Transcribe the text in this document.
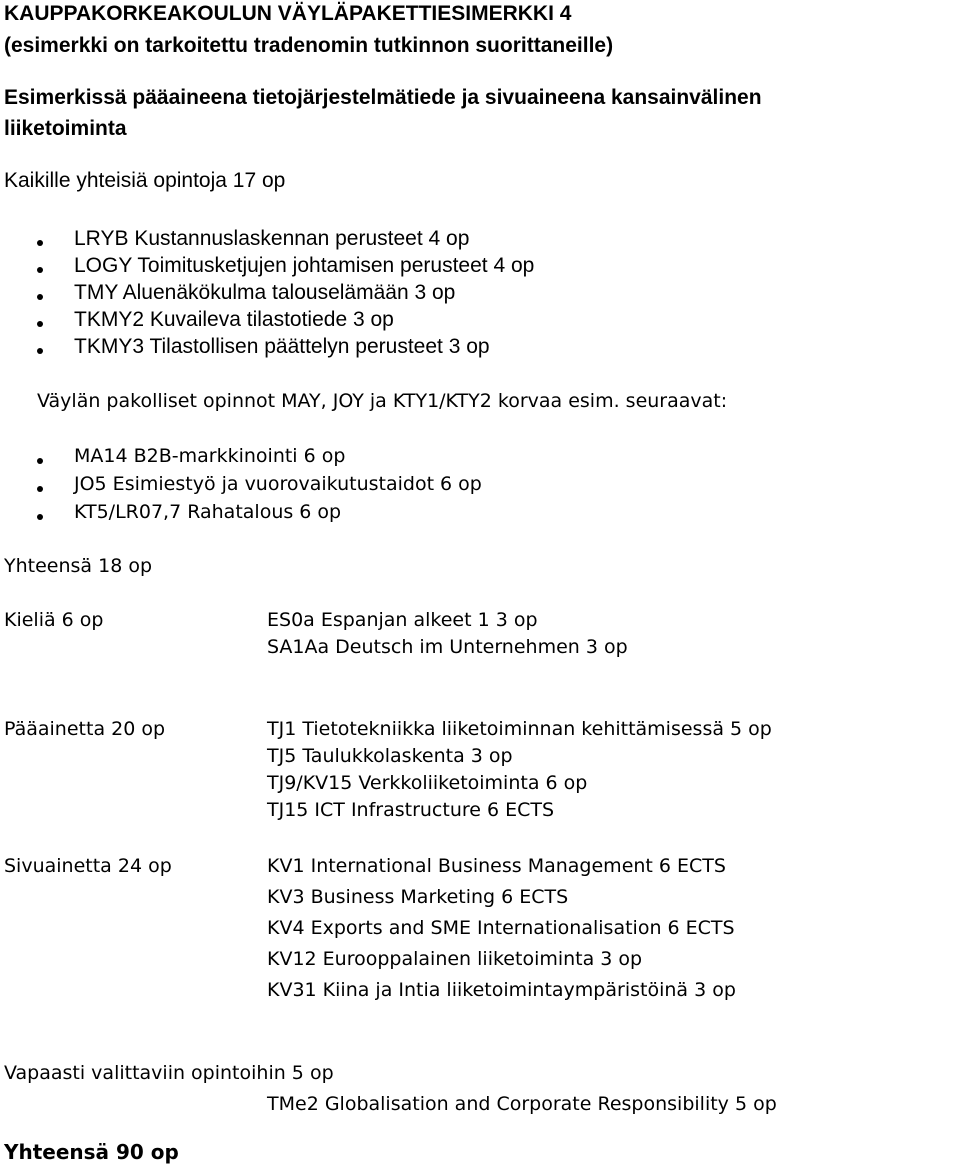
KAUPPAKORKEAKOULUN VÄYLÄPAKETTIESIMERKKI 4
(esimerkki on tarkoitettu tradenomin tutkinnon suorittaneille)
Esimerkissä pääaineena tietojärjestelmätiede ja sivuaineena kansainvälinen
liiketoiminta
Kaikille yhteisiä opintoja 17 op
LRYB Kustannuslaskennan perusteet 4 op
LOGY Toimitusketjujen johtamisen perusteet 4 op
TMY Aluenäkökulma talouselämään 3 op
TKMY2 Kuvaileva tilastotiede 3 op
TKMY3 Tilastollisen päättelyn perusteet 3 op
Väylän pakolliset opinnot MAY, JOY ja KTY1/KTY2 korvaa esim. seuraavat:
MA14 B2B-markkinointi 6 op
JO5 Esimiestyö ja vuorovaikutustaidot 6 op
KT5/LR07,7 Rahatalous 6 op
Yhteensä 18 op
Kieliä 6 op	ES0a Espanjan alkeet 1 3 op
SA1Aa Deutsch im Unternehmen 3 op
Pääainetta 20 op	TJ1 Tietotekniikka liiketoiminnan kehittämisessä 5 op
TJ5 Taulukkolaskenta 3 op
TJ9/KV15 Verkkoliiketoiminta 6 op
TJ15 ICT Infrastructure 6 ECTS
Sivuainetta 24 op	KV1 International Business Management 6 ECTS
KV3 Business Marketing 6 ECTS
KV4 Exports and SME Internationalisation 6 ECTS
KV12 Eurooppalainen liiketoiminta 3 op
KV31 Kiina ja Intia liiketoimintaympäristöinä 3 op
Vapaasti valittaviin opintoihin 5 op
TMe2 Globalisation and Corporate Responsibility 5 op
Yhteensä 90 op
